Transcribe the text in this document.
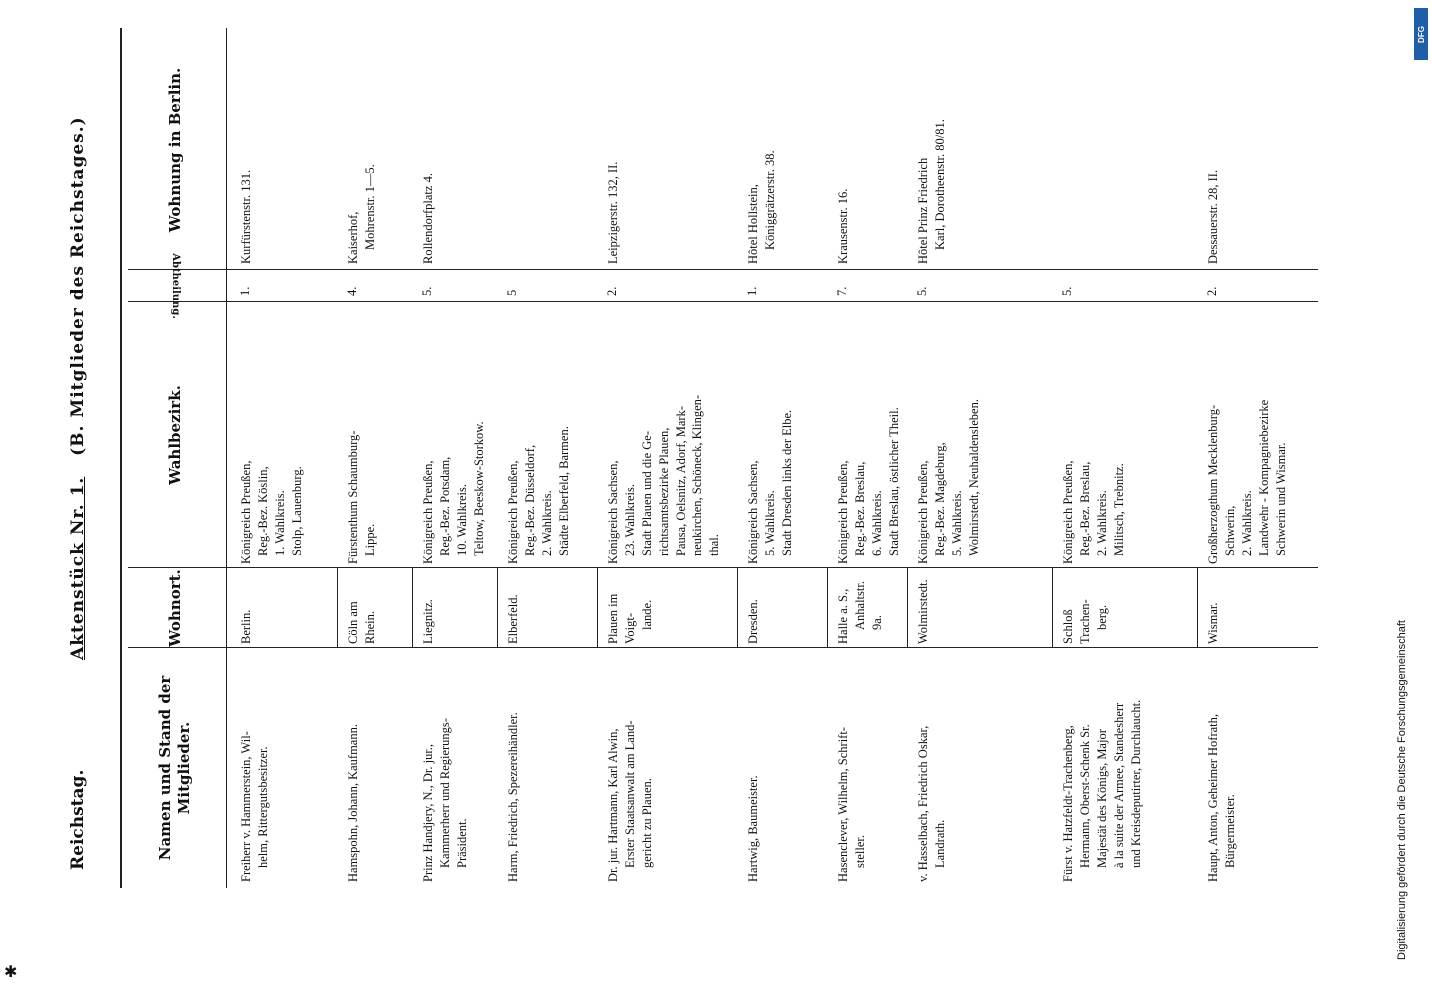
Reichstag.
Aktenstück Nr. 1.   (B. Mitglieder des Reichstages.)
Namen und Stand der Mitglieder.
Wohnort.
Wahlbezirk.
Abtheilung.
Wohnung in Berlin.

Freiherr v. Hammerstein, Wil- helm, Rittergutsbesitzer.

Berlin.

Königreich Preußen, Reg.-Bez. Köslin, 1. Wahlkreis. Stolp, Lauenburg.

Kurfürstenstr. 131.

1.

Hamspohn, Johann, Kaufmann.

Cöln am Rhein.

Fürstenthum Schaumburg- Lippe.

Kaiserhof, Mohrenstr. 1—5.

4.

Prinz Handjery, N., Dr. jur., Kammerherr und Regierungs- Präsident.

Liegnitz.

Königreich Preußen, Reg.-Bez. Potsdam, 10. Wahlkreis. Teltow, Beeskow-Storkow.

Rollendorfplatz 4.

5.

Harm, Friedrich, Spezereihändler.

Elberfeld.

Königreich Preußen, Reg.-Bez. Düsseldorf, 2. Wahlkreis. Städte Elberfeld, Barmen.

5

Dr. jur. Hartmann, Karl Alwin, Erster Staatsanwalt am Land- gericht zu Plauen.

Plauen im Voigt- lande.

Königreich Sachsen, 23. Wahlkreis. Stadt Plauen und die Ge- richtsamtsbezirke Plauen, Pausa, Oelsnitz, Adorf, Mark- neukirchen, Schöneck, Klingen- thal.

Leipzigerstr. 132, II.

2.

Hartwig, Baumeister.

Dresden.

Königreich Sachsen, 5. Wahlkreis. Stadt Dresden links der Elbe.

Hôtel Hollstein, Königgrätzerstr. 38.

1.

Hasenclever, Wilhelm, Schrift- steller.

Halle a. S., Anhaltstr. 9a.

Königreich Preußen, Reg.-Bez. Breslau, 6. Wahlkreis. Stadt Breslau, östlicher Theil.

Krausenstr. 16.

7.

v. Hasselbach, Friedrich Oskar, Landrath.

Wolmirstedt.

Königreich Preußen, Reg.-Bez. Magdeburg, 5. Wahlkreis. Wolmirstedt, Neuhaldensleben.

Hôtel Prinz Friedrich Karl, Dorotheenstr. 80/81.

5.

Fürst v. Hatzfeldt-Trachenberg, Hermann, Oberst-Schenk Sr. Majestät des Königs, Major à la suite der Armee, Standesherr und Kreisdeputirter, Durchlaucht.

Schloß Trachen- berg.

Königreich Preußen, Reg.-Bez. Breslau, 2. Wahlkreis. Militsch, Trebnitz.

5.

Haupt, Anton, Geheimer Hofrath, Bürgermeister.

Wismar.

Großherzogthum Mecklenburg- Schwerin, 2. Wahlkreis. Landwehr - Kompagniebezirke Schwerin und Wismar.

Dessauerstr. 28, II.

2.
Digitalisierung gefördert durch die Deutsche Forschungsgemeinschaft
DFG
✱
